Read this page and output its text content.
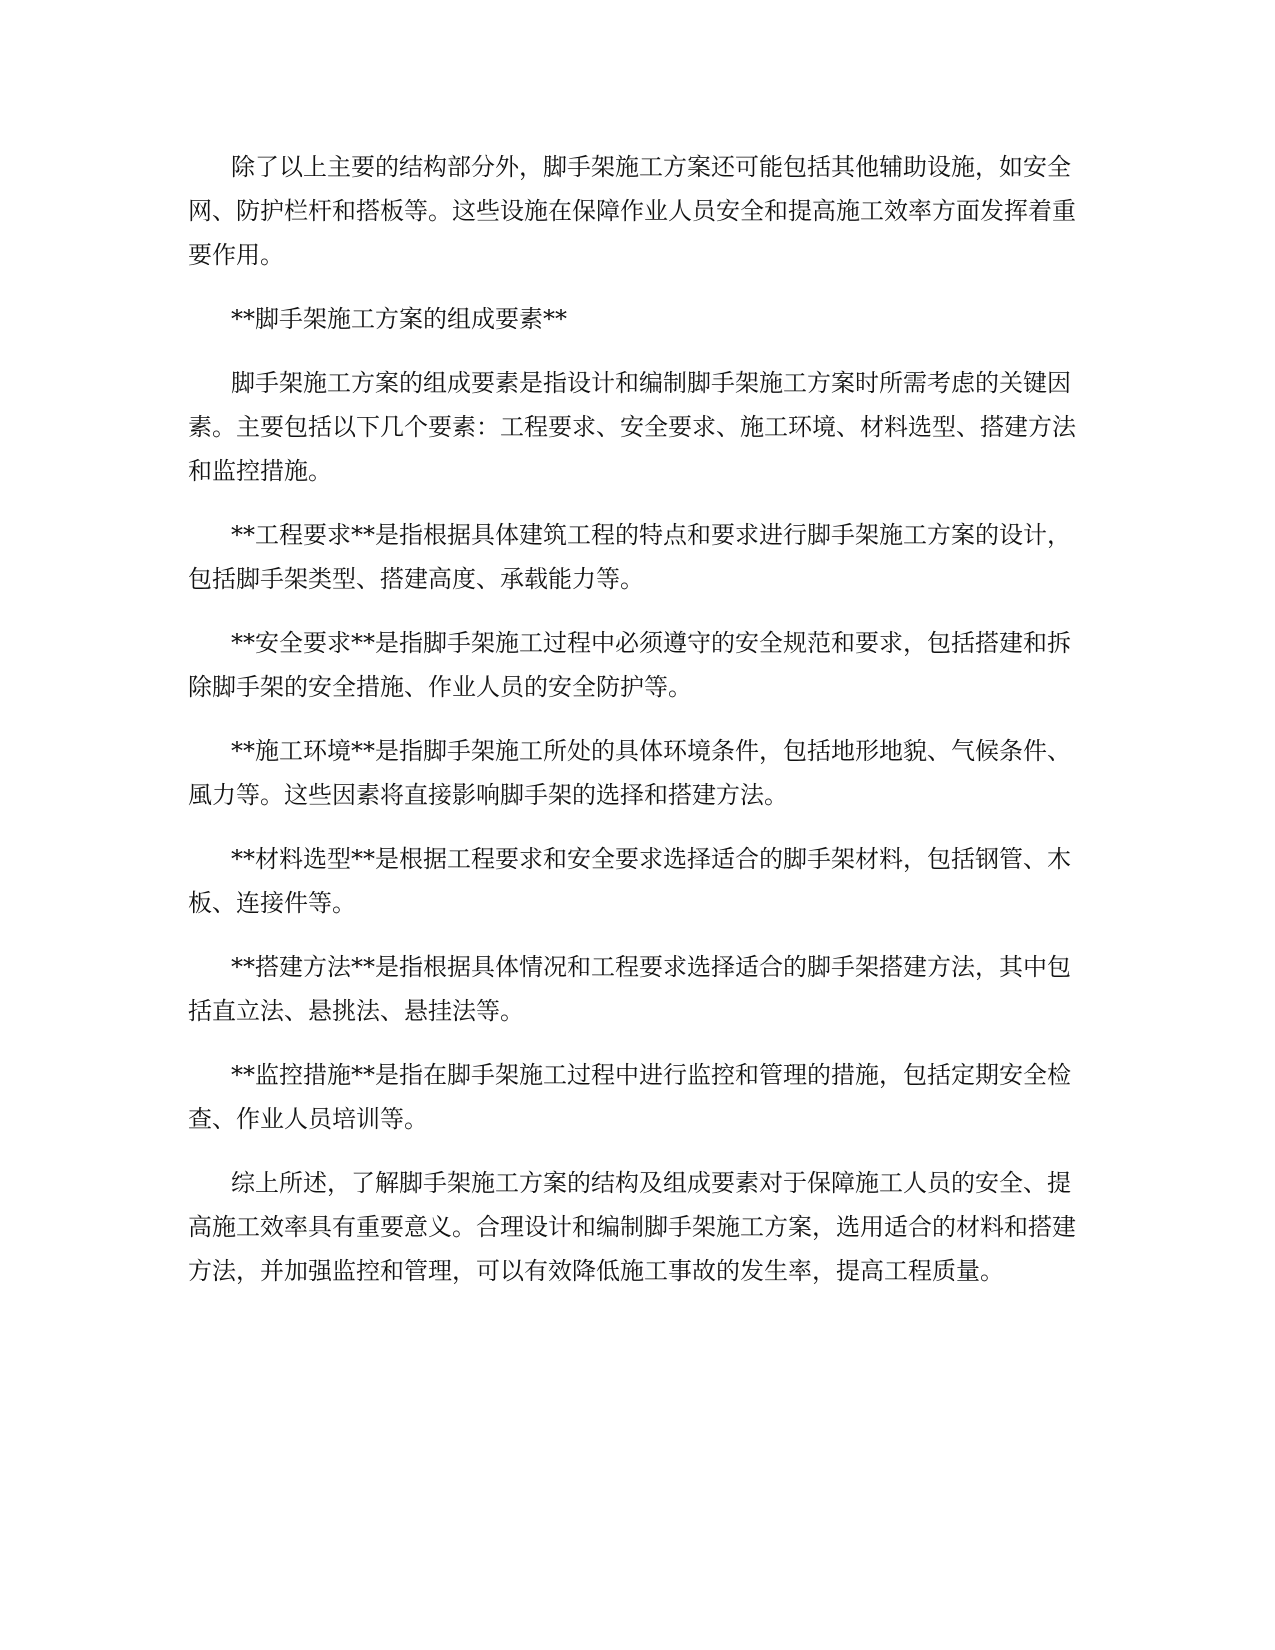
除了以上主要的结构部分外，脚手架施工方案还可能包括其他辅助设施，如安全网、防护栏杆和搭板等。这些设施在保障作业人员安全和提高施工效率方面发挥着重要作用。

**脚手架施工方案的组成要素**

脚手架施工方案的组成要素是指设计和编制脚手架施工方案时所需考虑的关键因素。主要包括以下几个要素：工程要求、安全要求、施工环境、材料选型、搭建方法和监控措施。

**工程要求**是指根据具体建筑工程的特点和要求进行脚手架施工方案的设计，包括脚手架类型、搭建高度、承载能力等。

**安全要求**是指脚手架施工过程中必须遵守的安全规范和要求，包括搭建和拆除脚手架的安全措施、作业人员的安全防护等。

**施工环境**是指脚手架施工所处的具体环境条件，包括地形地貌、气候条件、風力等。这些因素将直接影响脚手架的选择和搭建方法。

**材料选型**是根据工程要求和安全要求选择适合的脚手架材料，包括钢管、木板、连接件等。

**搭建方法**是指根据具体情况和工程要求选择适合的脚手架搭建方法，其中包括直立法、悬挑法、悬挂法等。

**监控措施**是指在脚手架施工过程中进行监控和管理的措施，包括定期安全检查、作业人员培训等。

综上所述，了解脚手架施工方案的结构及组成要素对于保障施工人员的安全、提高施工效率具有重要意义。合理设计和编制脚手架施工方案，选用适合的材料和搭建方法，并加强监控和管理，可以有效降低施工事故的发生率，提高工程质量。
